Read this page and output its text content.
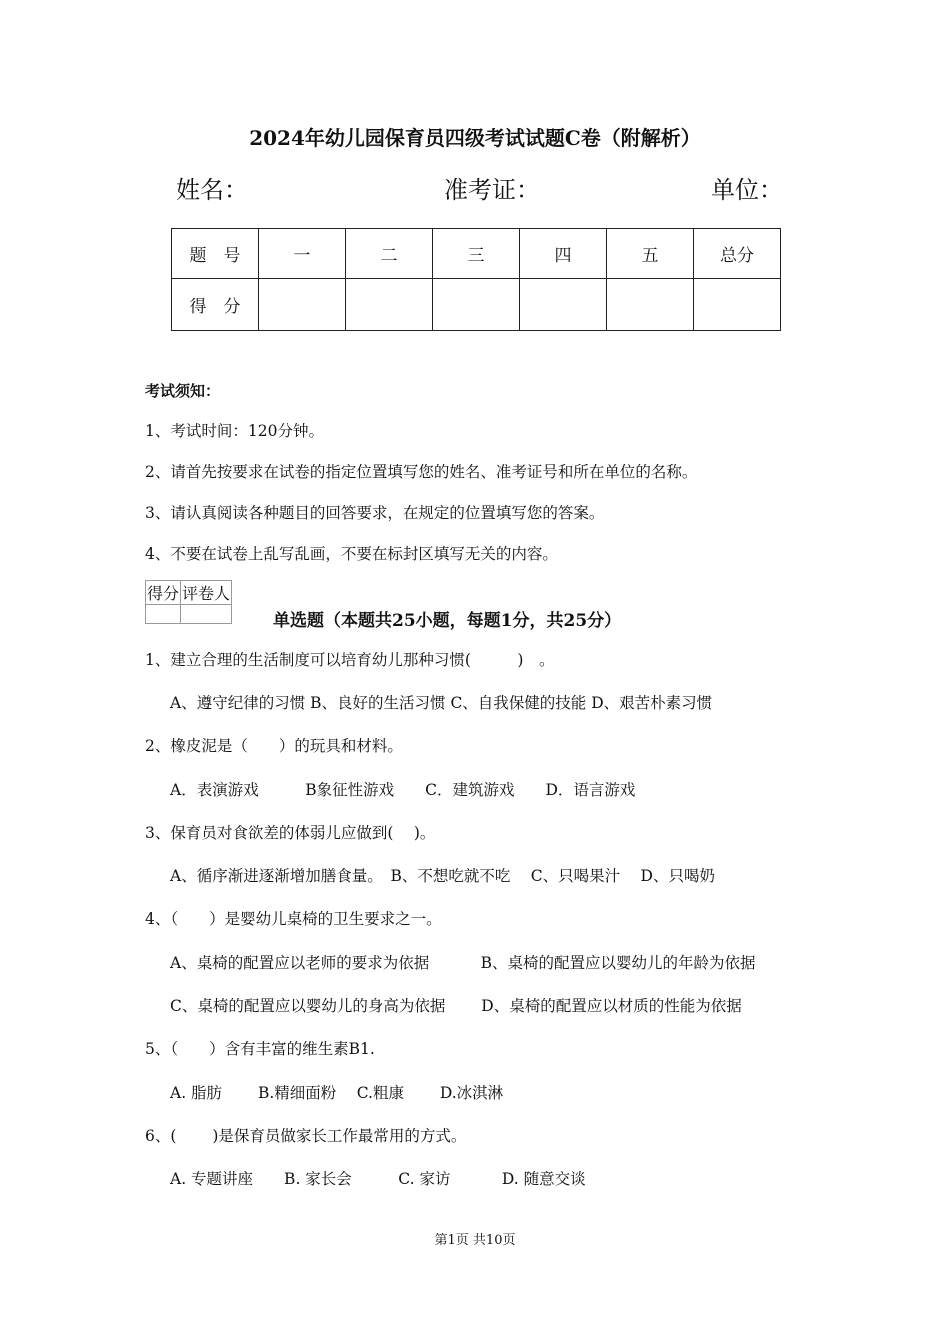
2024年幼儿园保育员四级考试试题C卷（附解析）
姓名：	准考证：	单位：
题　号	一	二	三	四	五	总分
得　分						
考试须知：
1、考试时间：120分钟。
2、请首先按要求在试卷的指定位置填写您的姓名、准考证号和所在单位的名称。
3、请认真阅读各种题目的回答要求，在规定的位置填写您的答案。
4、不要在试卷上乱写乱画，不要在标封区填写无关的内容。
得分	评卷人

单选题（本题共25小题，每题1分，共25分）
1、建立合理的生活制度可以培育幼儿那种习惯(　　　)　。
A、遵守纪律的习惯 B、良好的生活习惯 C、自我保健的技能 D、艰苦朴素习惯
2、橡皮泥是（　　）的玩具和材料。
A．表演游戏　　　B象征性游戏　　C．建筑游戏　　D．语言游戏
3、保育员对食欲差的体弱儿应做到(　 )。
A、循序渐进逐渐增加膳食量。　B、不想吃就不吃　 C、只喝果汁　 D、只喝奶
4、（　　）是婴幼儿桌椅的卫生要求之一。
A、桌椅的配置应以老师的要求为依据　　　 B、桌椅的配置应以婴幼儿的年龄为依据
C、桌椅的配置应以婴幼儿的身高为依据　　 D、桌椅的配置应以材质的性能为依据
5、（　　）含有丰富的维生素B1.
A. 脂肪　　 B.精细面粉　 C.粗康　　 D.冰淇淋
6、(　　 )是保育员做家长工作最常用的方式。
A. 专题讲座　　B. 家长会　　　C. 家访　　　 D. 随意交谈
第1页 共10页
